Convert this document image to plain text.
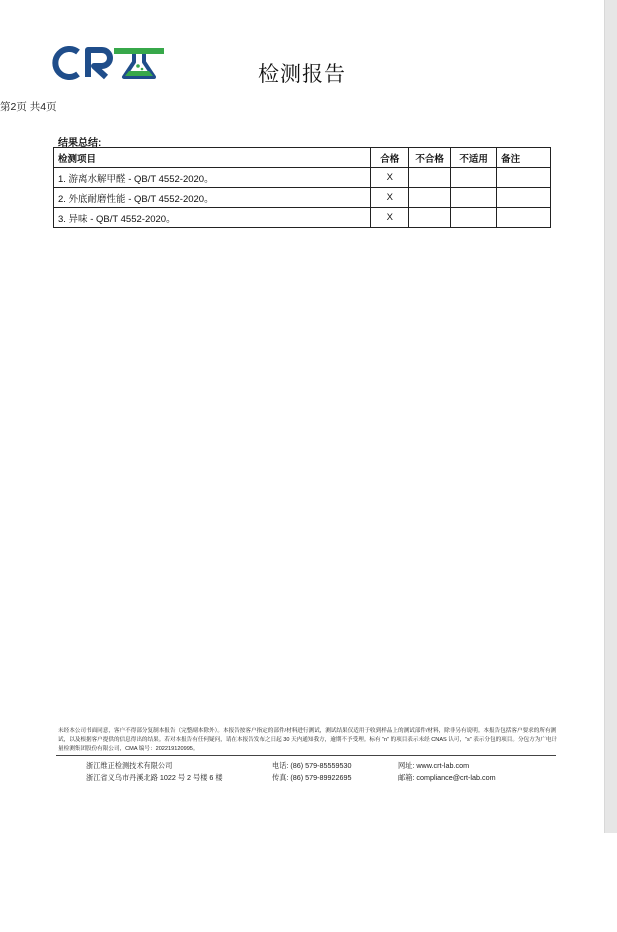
检测报告
第2页 共4页
结果总结:
检测项目	合格	不合格	不适用	备注
1. 游离水解甲醛 - QB/T 4552-2020。	X			
2. 外底耐磨性能 - QB/T 4552-2020。	X			
3. 异味 - QB/T 4552-2020。	X			
未经本公司书面同意，客户不得部分复制本报告（完整副本除外）。本报告按客户指定的部件/材料进行测试，测试结果仅适用于收到样品上的测试部件/材料，除非另有说明。本报告包括客户要求的所有测试，以及根据客户提供的信息得出的结果。若对本报告有任何疑问，请在本报告发布之日起 30 天内通知我方，逾期不予受理。标有 “n” 的项目表示未经 CNAS 认可，“s” 表示分包的项目。分包方为广电计量检测集团股份有限公司，CMA 编号：202219120995。
浙江维正检测技术有限公司
浙江省义乌市丹溪北路 1022 号 2 号楼 6 楼
电话: (86) 579-85559530
传真: (86) 579-89922695
网址: www.crt-lab.com
邮箱: compliance@crt-lab.com
